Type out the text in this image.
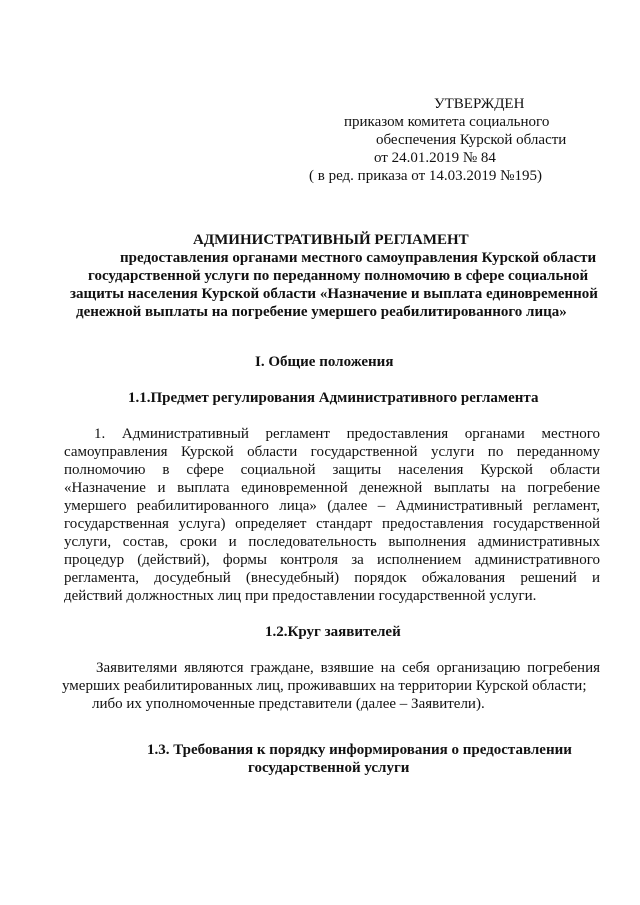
УТВЕРЖДЕН
приказом комитета социального
обеспечения Курской области
от 24.01.2019 № 84
( в ред. приказа от 14.03.2019 №195)
АДМИНИСТРАТИВНЫЙ РЕГЛАМЕНТ
предоставления органами местного самоуправления Курской области
государственной услуги по переданному полномочию в сфере социальной
защиты населения Курской области «Назначение и выплата единовременной
денежной выплаты на погребение умершего реабилитированного лица»
I. Общие положения
1.1.Предмет регулирования Административного регламента
1. Административный регламент предоставления органами местного
самоуправления Курской области государственной услуги по переданному
полномочию в сфере социальной защиты населения Курской области
«Назначение и выплата единовременной денежной выплаты на погребение
умершего реабилитированного лица» (далее – Административный регламент,
государственная услуга) определяет стандарт предоставления государственной
услуги, состав, сроки и последовательность выполнения административных
процедур (действий), формы контроля за исполнением административного
регламента, досудебный (внесудебный) порядок обжалования решений и
действий должностных лиц при предоставлении государственной услуги.
1.2.Круг заявителей
Заявителями являются граждане, взявшие на себя организацию погребения
умерших реабилитированных лиц, проживавших на территории Курской области;
либо их уполномоченные представители (далее – Заявители).
1.3. Требования к порядку информирования о предоставлении
государственной услуги
